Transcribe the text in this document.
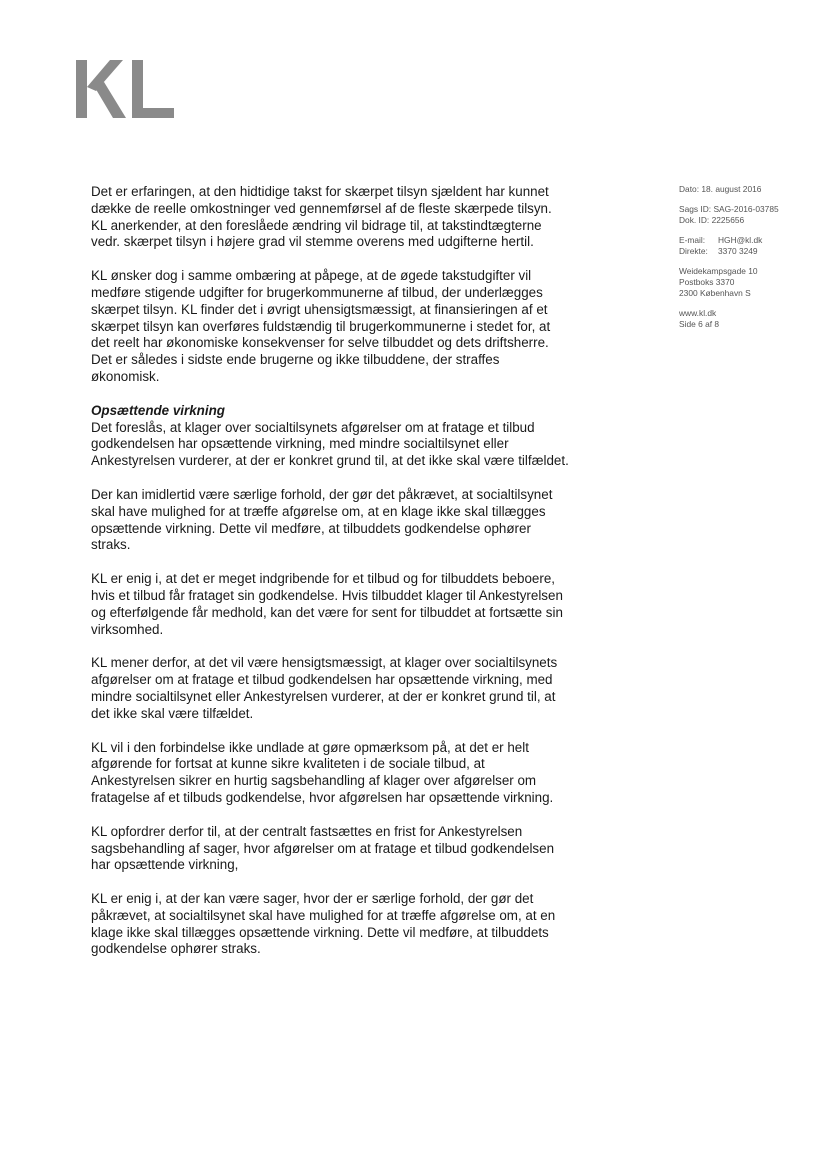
Dato:
18. august 2016
Sags ID:
SAG-2016-03785
Dok. ID:
2225656
E-mail:	HGH@kl.dk
Direkte:	3370 3249
Weidekampsgade 10
Postboks 3370
2300 København S
www.kl.dk
Side 6 af 8

Det er erfaringen, at den hidtidige takst for skærpet tilsyn sjældent har kunnet dække de reelle omkostninger ved gennemførsel af de fleste skærpede tilsyn. KL anerkender, at den foreslåede ændring vil bidrage til, at takstindtægterne vedr. skærpet tilsyn i højere grad vil stemme overens med udgifterne hertil.

KL ønsker dog i samme ombæring at påpege, at de øgede takstudgifter vil medføre stigende udgifter for brugerkommunerne af tilbud, der underlægges skærpet tilsyn. KL finder det i øvrigt uhensigtsmæssigt, at finansieringen af et skærpet tilsyn kan overføres fuldstændig til brugerkommunerne i stedet for, at det reelt har økonomiske konsekvenser for selve tilbuddet og dets driftsherre. Det er således i sidste ende brugerne og ikke tilbuddene, der straffes økonomisk.

Opsættende virkning

Det foreslås, at klager over socialtilsynets afgørelser om at fratage et tilbud godkendelsen har opsættende virkning, med mindre socialtilsynet eller Ankestyrelsen vurderer, at der er konkret grund til, at det ikke skal være tilfældet.

Der kan imidlertid være særlige forhold, der gør det påkrævet, at socialtilsynet skal have mulighed for at træffe afgørelse om, at en klage ikke skal tillægges opsættende virkning. Dette vil medføre, at tilbuddets godkendelse ophører straks.

KL er enig i, at det er meget indgribende for et tilbud og for tilbuddets beboere, hvis et tilbud får frataget sin godkendelse. Hvis tilbuddet klager til Ankestyrelsen og efterfølgende får medhold, kan det være for sent for tilbuddet at fortsætte sin virksomhed.

KL mener derfor, at det vil være hensigtsmæssigt, at klager over socialtilsynets afgørelser om at fratage et tilbud godkendelsen har opsættende virkning, med mindre socialtilsynet eller Ankestyrelsen vurderer, at der er konkret grund til, at det ikke skal være tilfældet.

KL vil i den forbindelse ikke undlade at gøre opmærksom på, at det er helt afgørende for fortsat at kunne sikre kvaliteten i de sociale tilbud, at Ankestyrelsen sikrer en hurtig sagsbehandling af klager over afgørelser om fratagelse af et tilbuds godkendelse, hvor afgørelsen har opsættende virkning.

KL opfordrer derfor til, at der centralt fastsættes en frist for Ankestyrelsen sagsbehandling af sager, hvor afgørelser om at fratage et tilbud godkendelsen har opsættende virkning,

KL er enig i, at der kan være sager, hvor der er særlige forhold, der gør det påkrævet, at socialtilsynet skal have mulighed for at træffe afgørelse om, at en klage ikke skal tillægges opsættende virkning. Dette vil medføre, at tilbuddets godkendelse ophører straks.
